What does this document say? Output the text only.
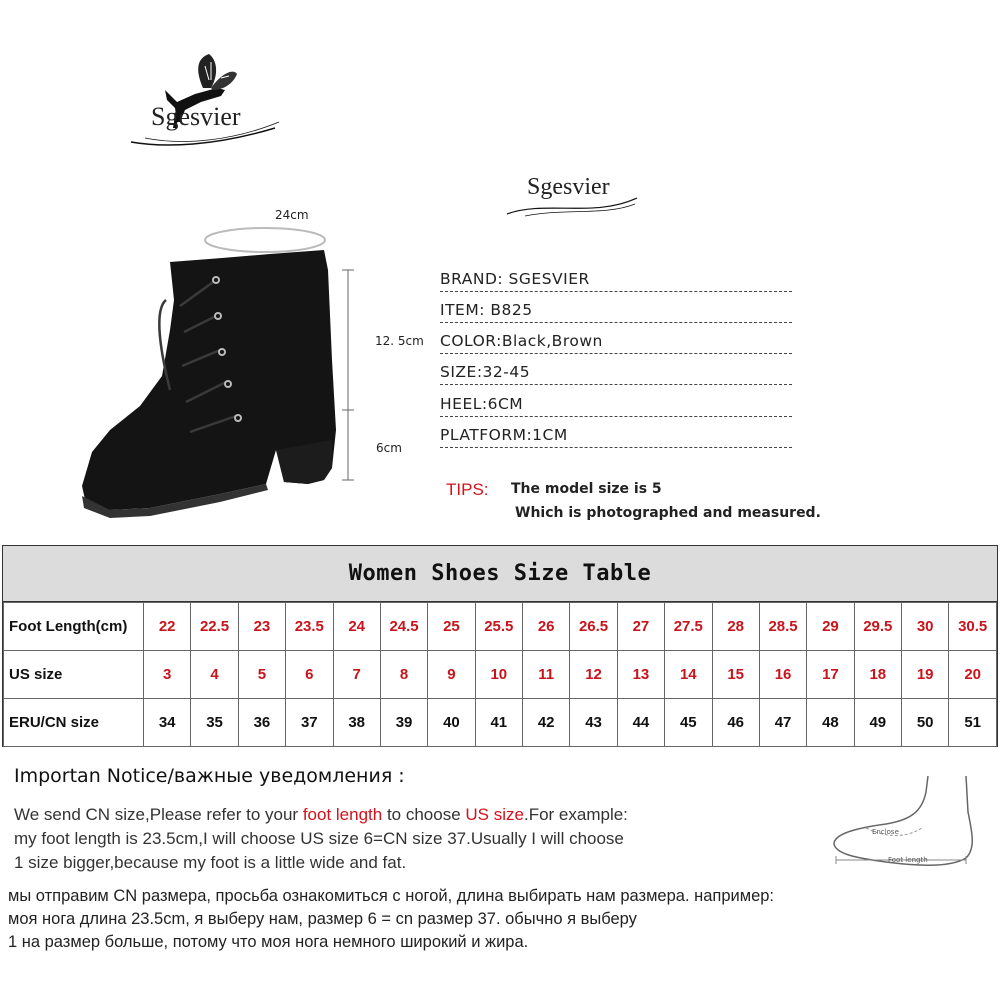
Sgesvier
Sgesvier
24cm
12. 5cm
6cm
BRAND: SGESVIER
ITEM: B825
COLOR:Black,Brown
SIZE:32-45
HEEL:6CM
PLATFORM:1CM
TIPS: The model size is 5
Which is photographed and measured.
Women Shoes Size Table
Foot Length(cm)	22	22.5	23	23.5	24	24.5	25	25.5	26	26.5	27	27.5	28	28.5	29	29.5	30	30.5
US size	3	4	5	6	7	8	9	10	11	12	13	14	15	16	17	18	19	20
ERU/CN size	34	35	36	37	38	39	40	41	42	43	44	45	46	47	48	49	50	51
Importan Notice/важные уведомления :
We send CN size,Please refer to your foot length to choose US size.For example:
my foot length is 23.5cm,I will choose US size 6=CN size 37.Usually I will choose
1 size bigger,because my foot is a little wide and fat.
мы отправим CN размера, просьба ознакомиться с ногой, длина выбирать нам размера. например:
моя нога длина 23.5cm, я выберу нам, размер 6 = cn размер 37. обычно я выберу
1 на размер больше, потому что моя нога немного широкий и жира.
Enclose
Foot length
